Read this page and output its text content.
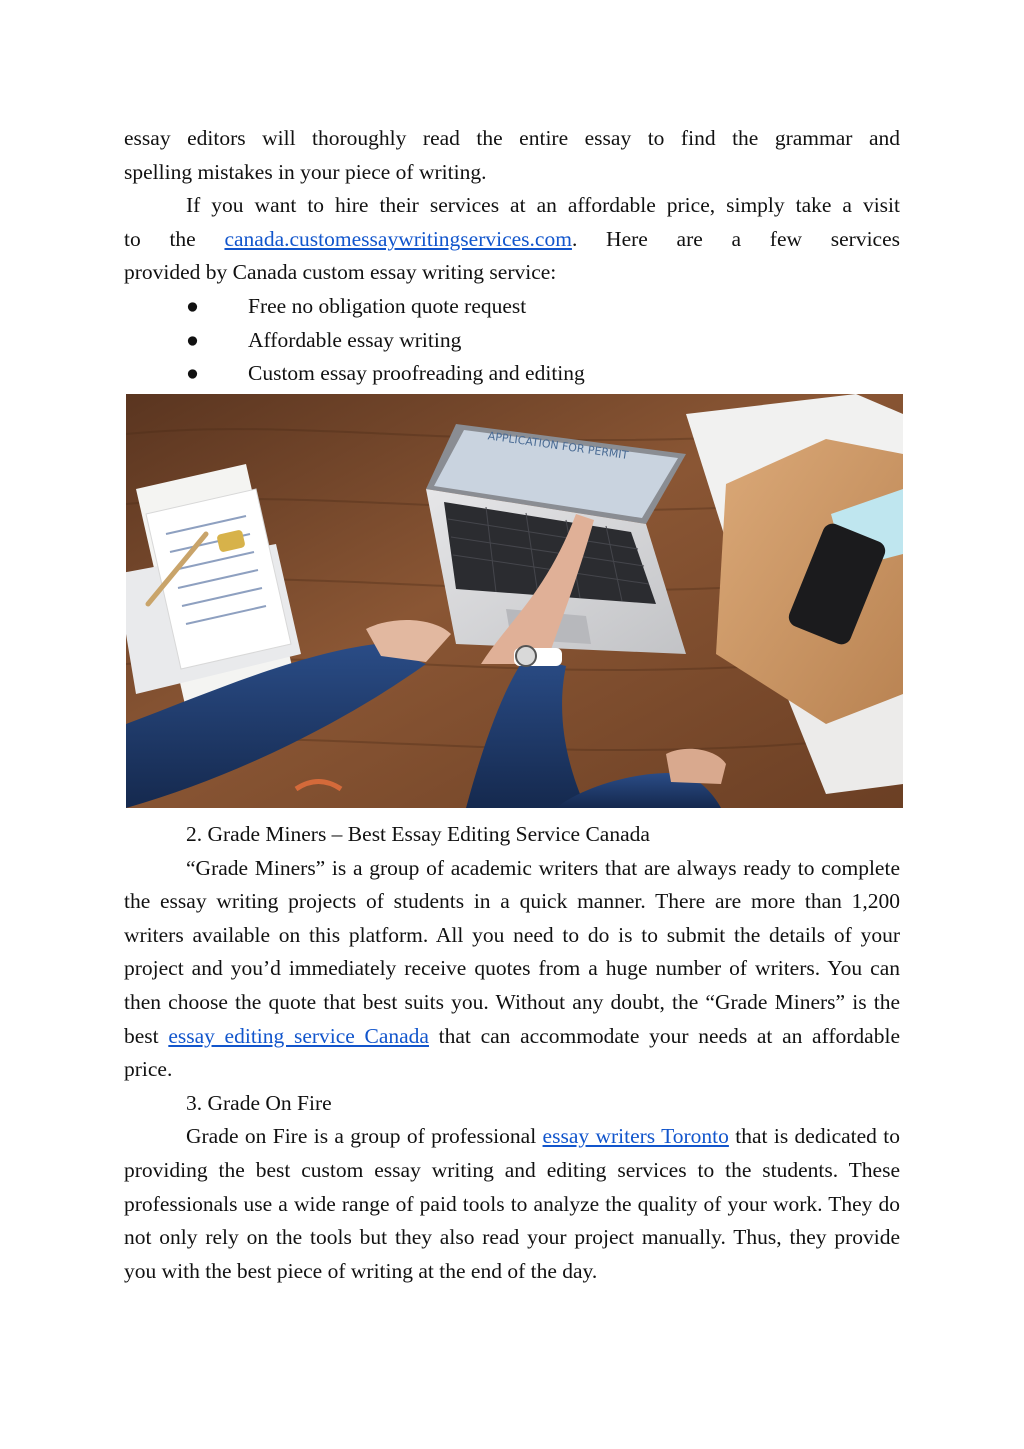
essay editors will thoroughly read the entire essay to find the grammar and

spelling mistakes in your piece of writing.

If you want to hire their services at an affordable price, simply take a visit

to the canada.customessaywritingservices.com. Here are a few services

provided by Canada custom essay writing service:

● Free no obligation quote request
● Affordable essay writing
● Custom essay proofreading and editing
APPLICATION FOR PERMIT

2. Grade Miners – Best Essay Editing Service Canada

“Grade Miners” is a group of academic writers that are always ready to complete the essay writing projects of students in a quick manner. There are more than 1,200 writers available on this platform. All you need to do is to submit the details of your project and you’d immediately receive quotes from a huge number of writers. You can then choose the quote that best suits you. Without any doubt, the “Grade Miners” is the best essay editing service Canada that can accommodate your needs at an affordable price.

3. Grade On Fire

Grade on Fire is a group of professional essay writers Toronto that is dedicated to providing the best custom essay writing and editing services to the students. These professionals use a wide range of paid tools to analyze the quality of your work. They do not only rely on the tools but they also read your project manually. Thus, they provide you with the best piece of writing at the end of the day.
